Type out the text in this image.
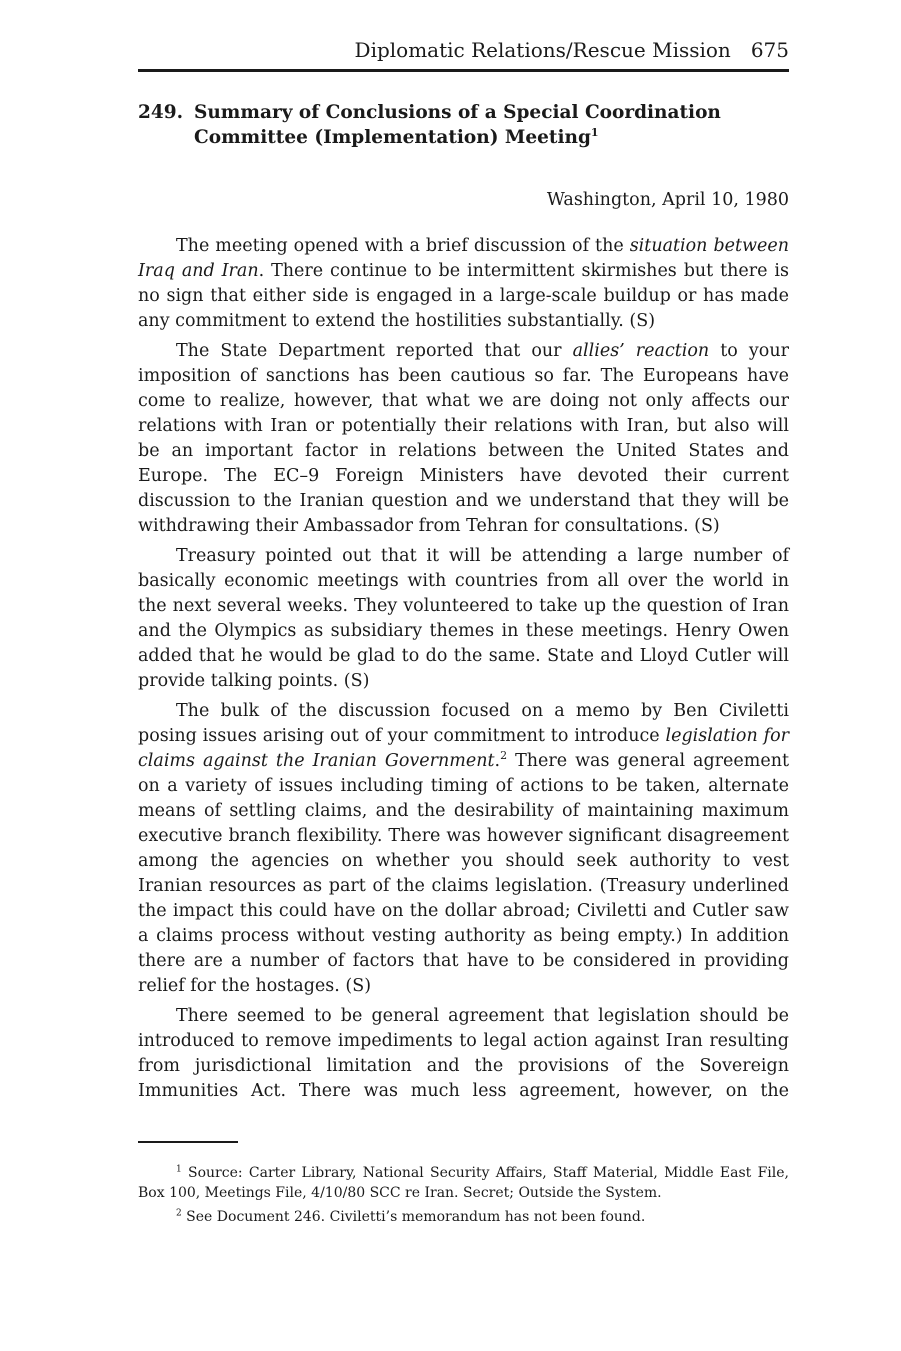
Diplomatic Relations/Rescue Mission 675
249. Summary of Conclusions of a Special Coordination
Committee (Implementation) Meeting$^1$
Washington, April 10, 1980

The meeting opened with a brief discussion of the situation between Iraq and Iran. There continue to be intermittent skirmishes but there is no sign that either side is engaged in a large-scale buildup or has made any commitment to extend the hostilities substantially. (S)

The State Department reported that our allies’ reaction to your imposition of sanctions has been cautious so far. The Europeans have come to realize, however, that what we are doing not only affects our relations with Iran or potentially their relations with Iran, but also will be an important factor in relations between the United States and Europe. The EC–9 Foreign Ministers have devoted their current discussion to the Iranian question and we understand that they will be withdrawing their Ambassador from Tehran for consultations. (S)

Treasury pointed out that it will be attending a large number of basically economic meetings with countries from all over the world in the next several weeks. They volunteered to take up the question of Iran and the Olympics as subsidiary themes in these meetings. Henry Owen added that he would be glad to do the same. State and Lloyd Cutler will provide talking points. (S)

The bulk of the discussion focused on a memo by Ben Civiletti posing issues arising out of your commitment to introduce legislation for claims against the Iranian Government.$^2$ There was general agreement on a variety of issues including timing of actions to be taken, alternate means of settling claims, and the desirability of maintaining maximum executive branch flexibility. There was however significant disagreement among the agencies on whether you should seek authority to vest Iranian resources as part of the claims legislation. (Treasury underlined the impact this could have on the dollar abroad; Civiletti and Cutler saw a claims process without vesting authority as being empty.) In addition there are a number of factors that have to be considered in providing relief for the hostages. (S)

There seemed to be general agreement that legislation should be introduced to remove impediments to legal action against Iran resulting from jurisdictional limitation and the provisions of the Sovereign Immunities Act. There was much less agreement, however, on the

$^1$ Source: Carter Library, National Security Affairs, Staff Material, Middle East File, Box 100, Meetings File, 4/10/80 SCC re Iran. Secret; Outside the System.

$^2$ See Document 246. Civiletti’s memorandum has not been found.
